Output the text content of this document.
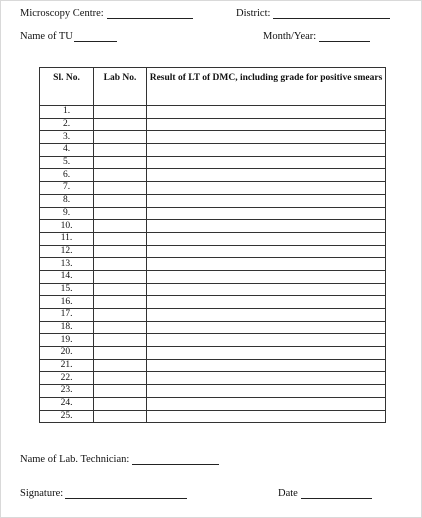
Microscopy Centre:	District:
Name of TU	Month/Year:
Sl. No.	Lab No.	Result of LT of DMC, including grade for positive smears
1.		
2.		
3.		
4.		
5.		
6.		
7.		
8.		
9.		
10.		
11.		
12.		
13.		
14.		
15.		
16.		
17.		
18.		
19.		
20.		
21.		
22.		
23.		
24.		
25.		
Name of Lab. Technician:
Signature:	Date
